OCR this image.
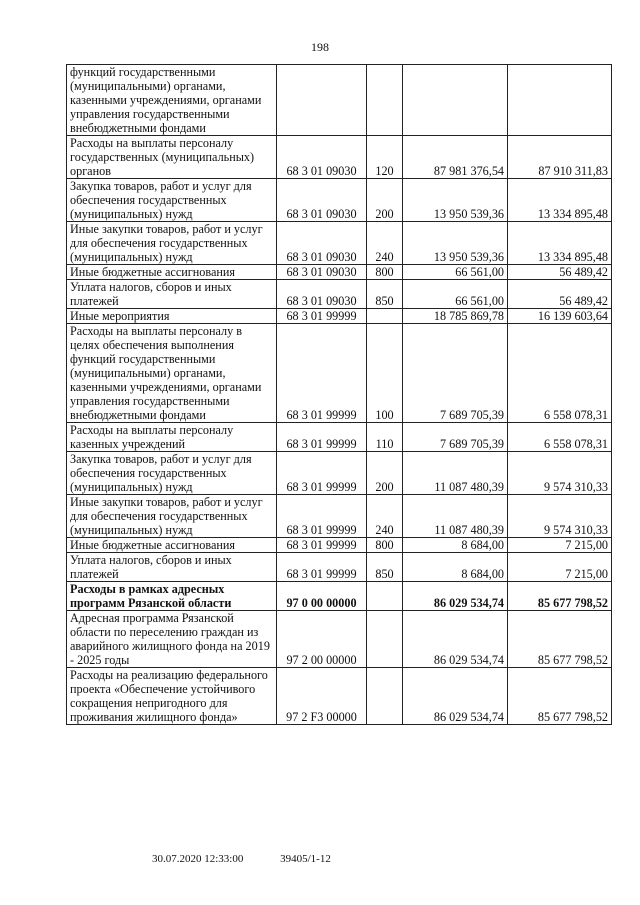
198
функций государственными (муниципальными) органами, казенными учреждениями, органами управления государственными внебюджетными фондами				
Расходы на выплаты персоналу государственных (муниципальных) органов	68 3 01 09030	120	87 981 376,54	87 910 311,83
Закупка товаров, работ и услуг для обеспечения государственных (муниципальных) нужд	68 3 01 09030	200	13 950 539,36	13 334 895,48
Иные закупки товаров, работ и услуг для обеспечения государственных (муниципальных) нужд	68 3 01 09030	240	13 950 539,36	13 334 895,48
Иные бюджетные ассигнования	68 3 01 09030	800	66 561,00	56 489,42
Уплата налогов, сборов и иных платежей	68 3 01 09030	850	66 561,00	56 489,42
Иные мероприятия	68 3 01 99999		18 785 869,78	16 139 603,64
Расходы на выплаты персоналу в целях обеспечения выполнения функций государственными (муниципальными) органами, казенными учреждениями, органами управления государственными внебюджетными фондами	68 3 01 99999	100	7 689 705,39	6 558 078,31
Расходы на выплаты персоналу казенных учреждений	68 3 01 99999	110	7 689 705,39	6 558 078,31
Закупка товаров, работ и услуг для обеспечения государственных (муниципальных) нужд	68 3 01 99999	200	11 087 480,39	9 574 310,33
Иные закупки товаров, работ и услуг для обеспечения государственных (муниципальных) нужд	68 3 01 99999	240	11 087 480,39	9 574 310,33
Иные бюджетные ассигнования	68 3 01 99999	800	8 684,00	7 215,00
Уплата налогов, сборов и иных платежей	68 3 01 99999	850	8 684,00	7 215,00
Расходы в рамках адресных программ Рязанской области	97 0 00 00000		86 029 534,74	85 677 798,52
Адресная программа Рязанской области по переселению граждан из аварийного жилищного фонда на 2019 - 2025 годы	97 2 00 00000		86 029 534,74	85 677 798,52
Расходы на реализацию федерального проекта «Обеспечение устойчивого сокращения непригодного для проживания жилищного фонда»	97 2 F3 00000		86 029 534,74	85 677 798,52
30.07.2020 12:33:00	39405/1-12
